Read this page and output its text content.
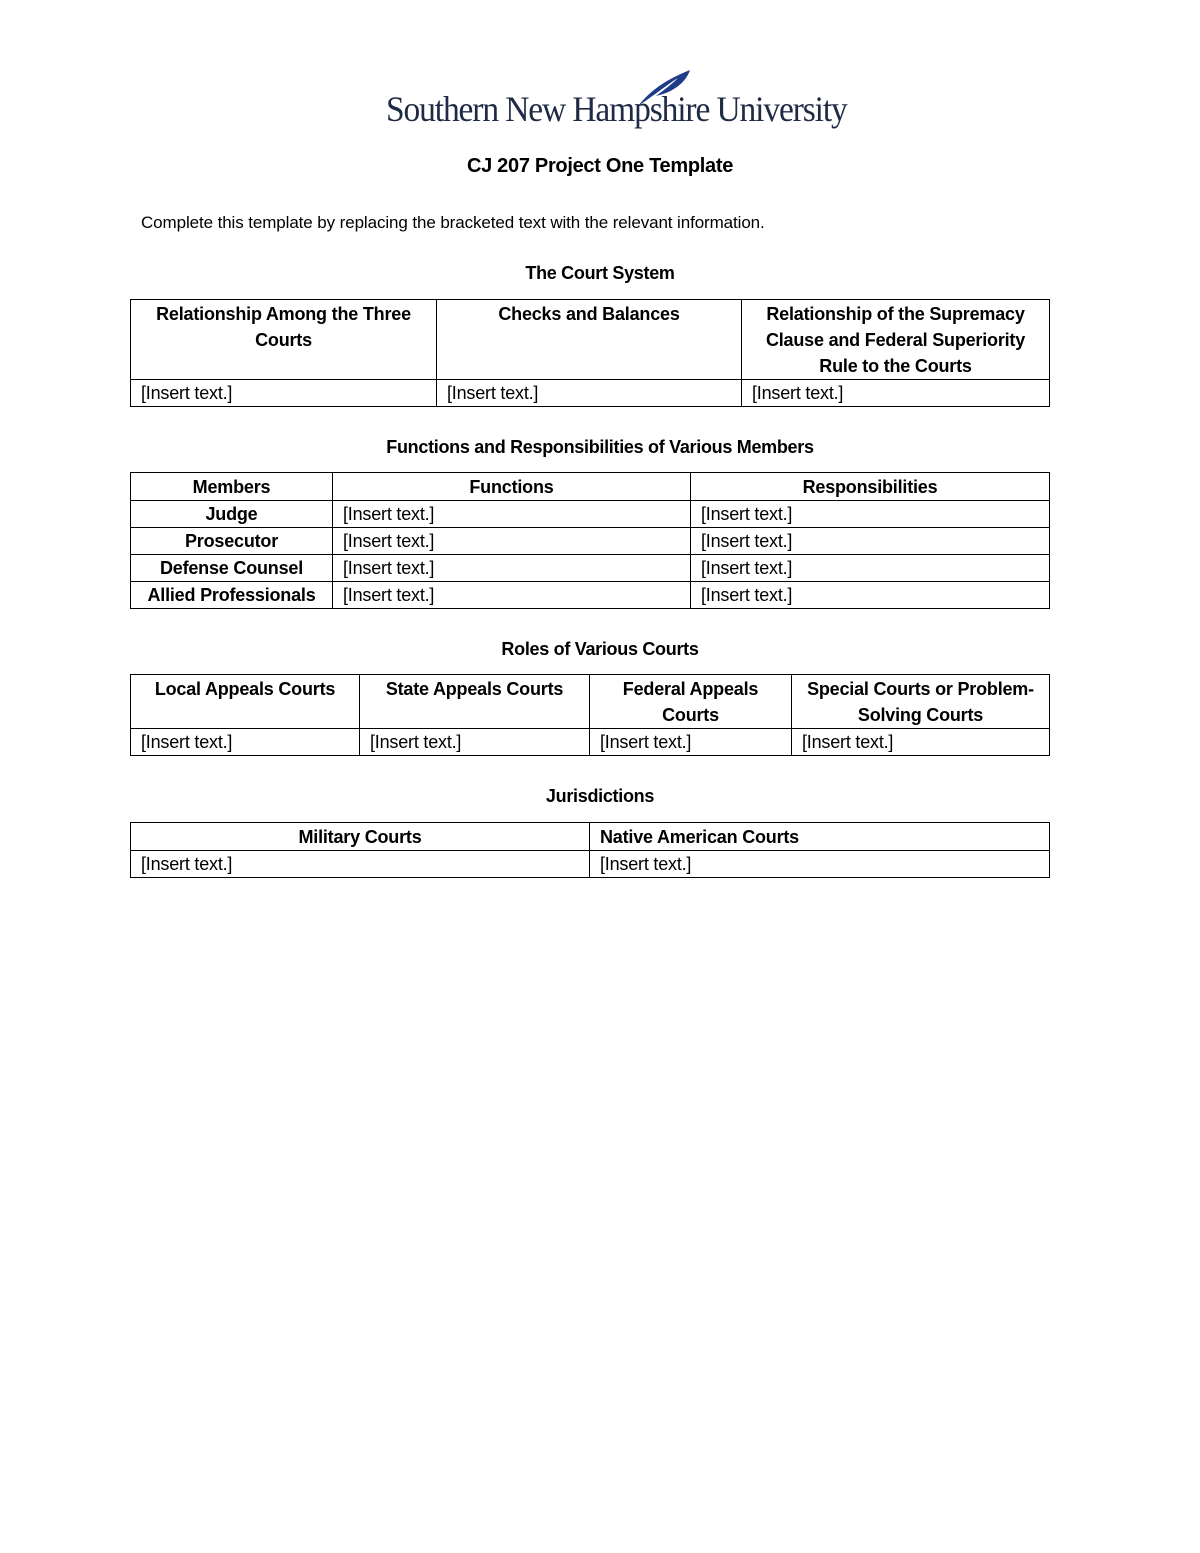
Southern New Hampshire University
CJ 207 Project One Template
Complete this template by replacing the bracketed text with the relevant information.
The Court System
Relationship Among the Three Courts	Checks and Balances	Relationship of the Supremacy Clause and Federal Superiority Rule to the Courts
[Insert text.]	[Insert text.]	[Insert text.]
Functions and Responsibilities of Various Members
Members	Functions	Responsibilities
Judge	[Insert text.]	[Insert text.]
Prosecutor	[Insert text.]	[Insert text.]
Defense Counsel	[Insert text.]	[Insert text.]
Allied Professionals	[Insert text.]	[Insert text.]
Roles of Various Courts
Local Appeals Courts	State Appeals Courts	Federal Appeals Courts	Special Courts or Problem-Solving Courts
[Insert text.]	[Insert text.]	[Insert text.]	[Insert text.]
Jurisdictions
Military Courts	Native American Courts
[Insert text.]	[Insert text.]
